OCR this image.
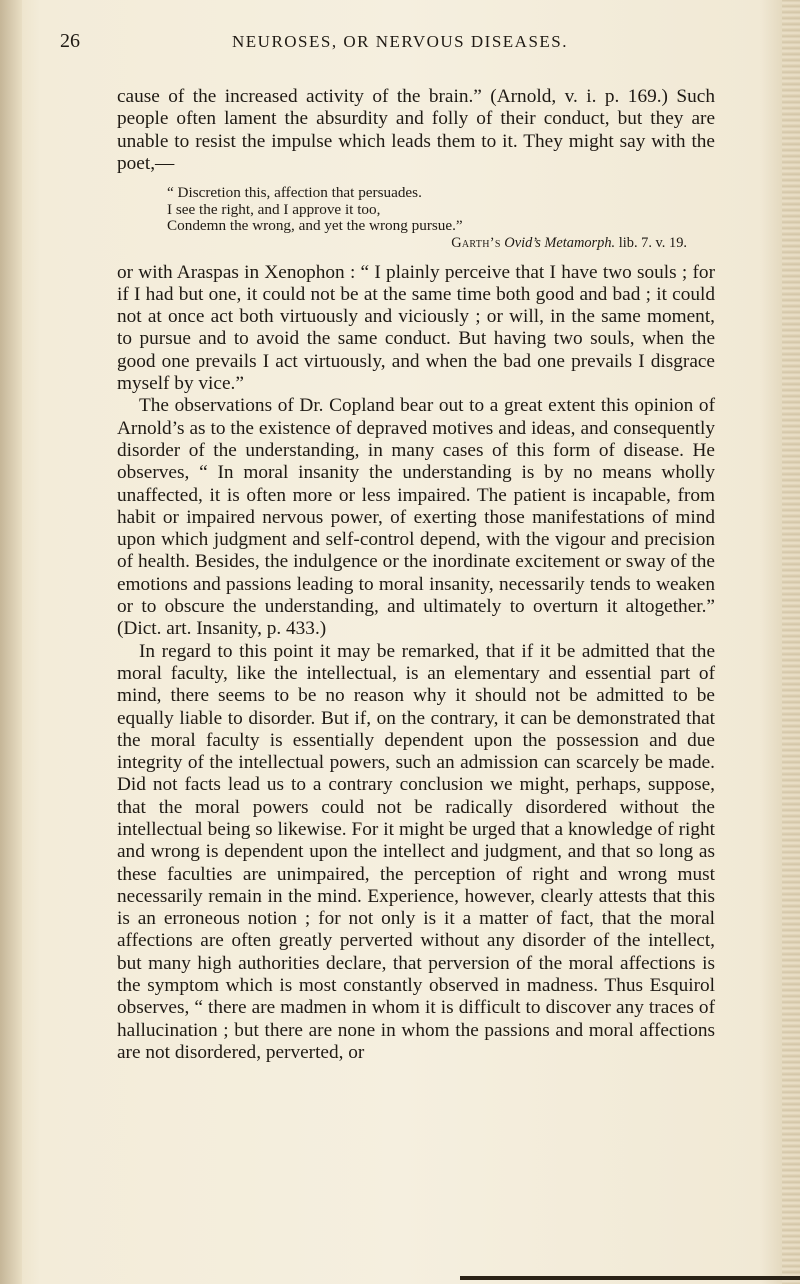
26	NEUROSES, OR NERVOUS DISEASES.

cause of the increased activity of the brain.” (Arnold, v. i. p. 169.) Such people often lament the absurdity and folly of their conduct, but they are unable to resist the impulse which leads them to it. They might say with the poet,—

“ Discretion this, affection that persuades.
I see the right, and I approve it too,
Condemn the wrong, and yet the wrong pursue.”
Garth’s Ovid’s Metamorph. lib. 7. v. 19.

or with Araspas in Xenophon : “ I plainly perceive that I have two souls ; for if I had but one, it could not be at the same time both good and bad ; it could not at once act both virtuously and viciously ; or will, in the same moment, to pursue and to avoid the same conduct. But having two souls, when the good one prevails I act virtuously, and when the bad one prevails I disgrace myself by vice.”

The observations of Dr. Copland bear out to a great extent this opinion of Arnold’s as to the existence of depraved motives and ideas, and consequently disorder of the understanding, in many cases of this form of disease. He observes, “ In moral insanity the understanding is by no means wholly unaffected, it is often more or less impaired. The patient is incapable, from habit or impaired nervous power, of exerting those manifestations of mind upon which judgment and self-control depend, with the vigour and precision of health. Besides, the indulgence or the inordinate excitement or sway of the emotions and passions leading to moral insanity, necessarily tends to weaken or to obscure the understanding, and ultimately to overturn it altogether.” (Dict. art. Insanity, p. 433.)

In regard to this point it may be remarked, that if it be admitted that the moral faculty, like the intellectual, is an elementary and essential part of mind, there seems to be no reason why it should not be admitted to be equally liable to disorder. But if, on the contrary, it can be demonstrated that the moral faculty is essentially dependent upon the possession and due integrity of the intellectual powers, such an admission can scarcely be made. Did not facts lead us to a contrary conclusion we might, perhaps, suppose, that the moral powers could not be radically disordered without the intellectual being so likewise. For it might be urged that a knowledge of right and wrong is dependent upon the intellect and judgment, and that so long as these faculties are unimpaired, the perception of right and wrong must necessarily remain in the mind. Experience, however, clearly attests that this is an erroneous notion ; for not only is it a matter of fact, that the moral affections are often greatly perverted without any disorder of the intellect, but many high authorities declare, that perversion of the moral affections is the symptom which is most constantly observed in madness. Thus Esquirol observes, “ there are madmen in whom it is difficult to discover any traces of hallucination ; but there are none in whom the passions and moral affections are not disordered, perverted, or
